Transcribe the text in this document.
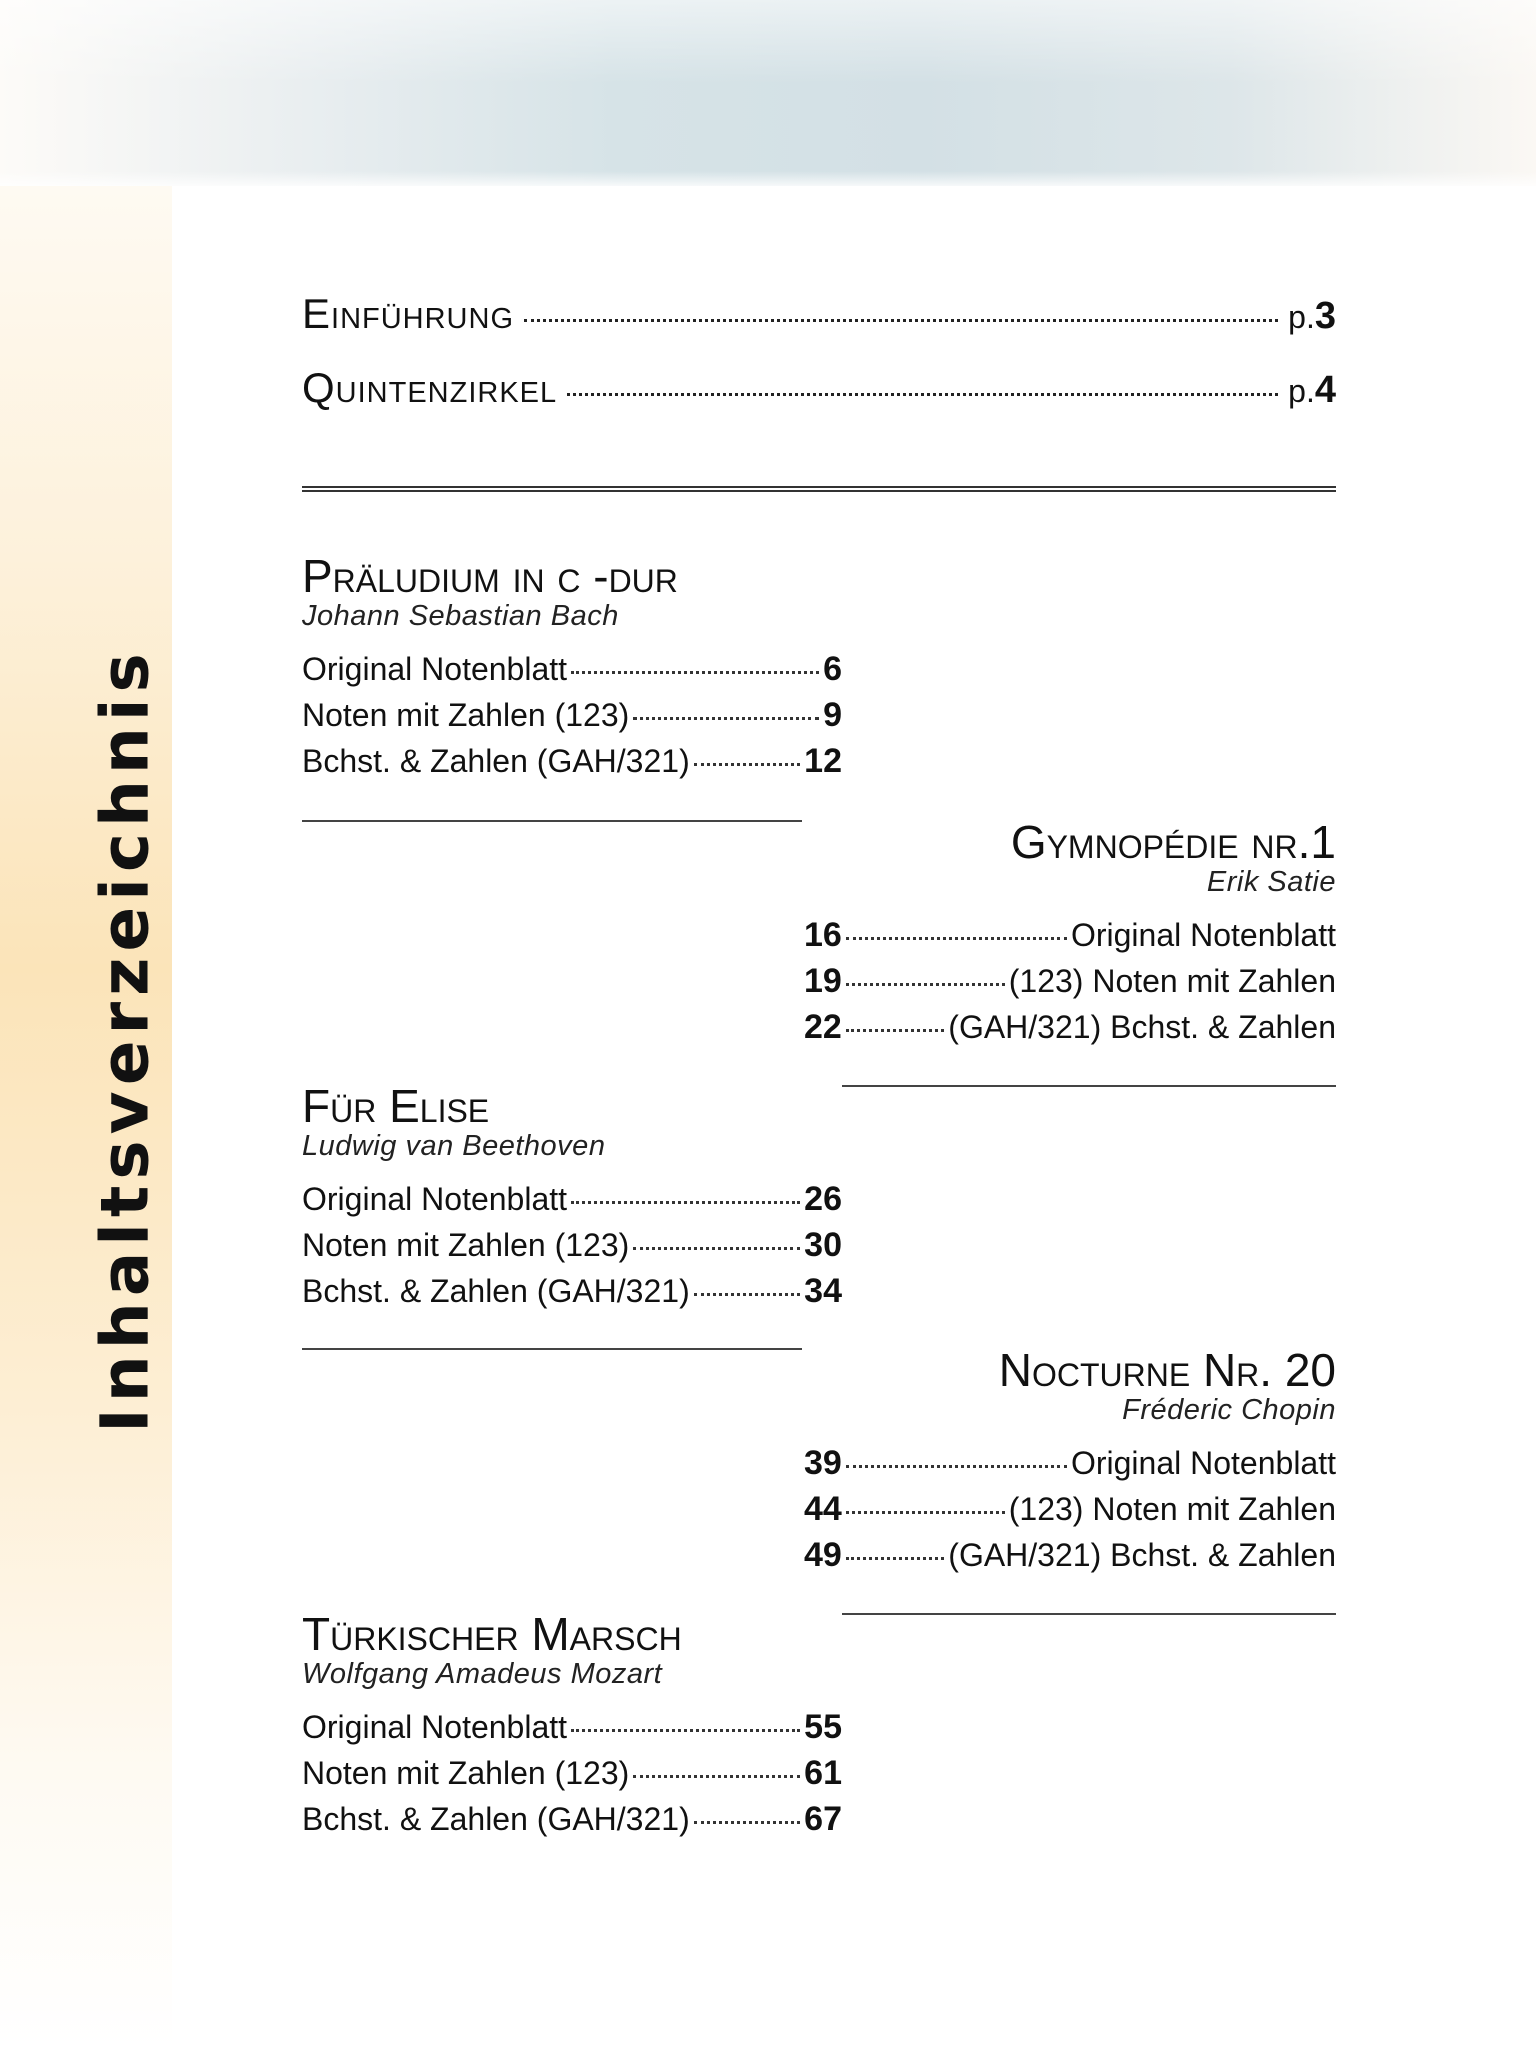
Inhaltsverzeichnis
Einführung	p.3
Quintenzirkel	p.4
Präludium in c -dur
Johann Sebastian Bach
Original Notenblatt	6
Noten mit Zahlen (123)	9
Bchst. & Zahlen (GAH/321)	12
Gymnopédie nr.1
Erik Satie
16	Original Notenblatt
19	(123) Noten mit Zahlen
22	(GAH/321) Bchst. & Zahlen
Für Elise
Ludwig van Beethoven
Original Notenblatt	26
Noten mit Zahlen (123)	30
Bchst. & Zahlen (GAH/321)	34
Nocturne Nr. 20
Fréderic Chopin
39	Original Notenblatt
44	(123) Noten mit Zahlen
49	(GAH/321) Bchst. & Zahlen
Türkischer Marsch
Wolfgang Amadeus Mozart
Original Notenblatt	55
Noten mit Zahlen (123)	61
Bchst. & Zahlen (GAH/321)	67
